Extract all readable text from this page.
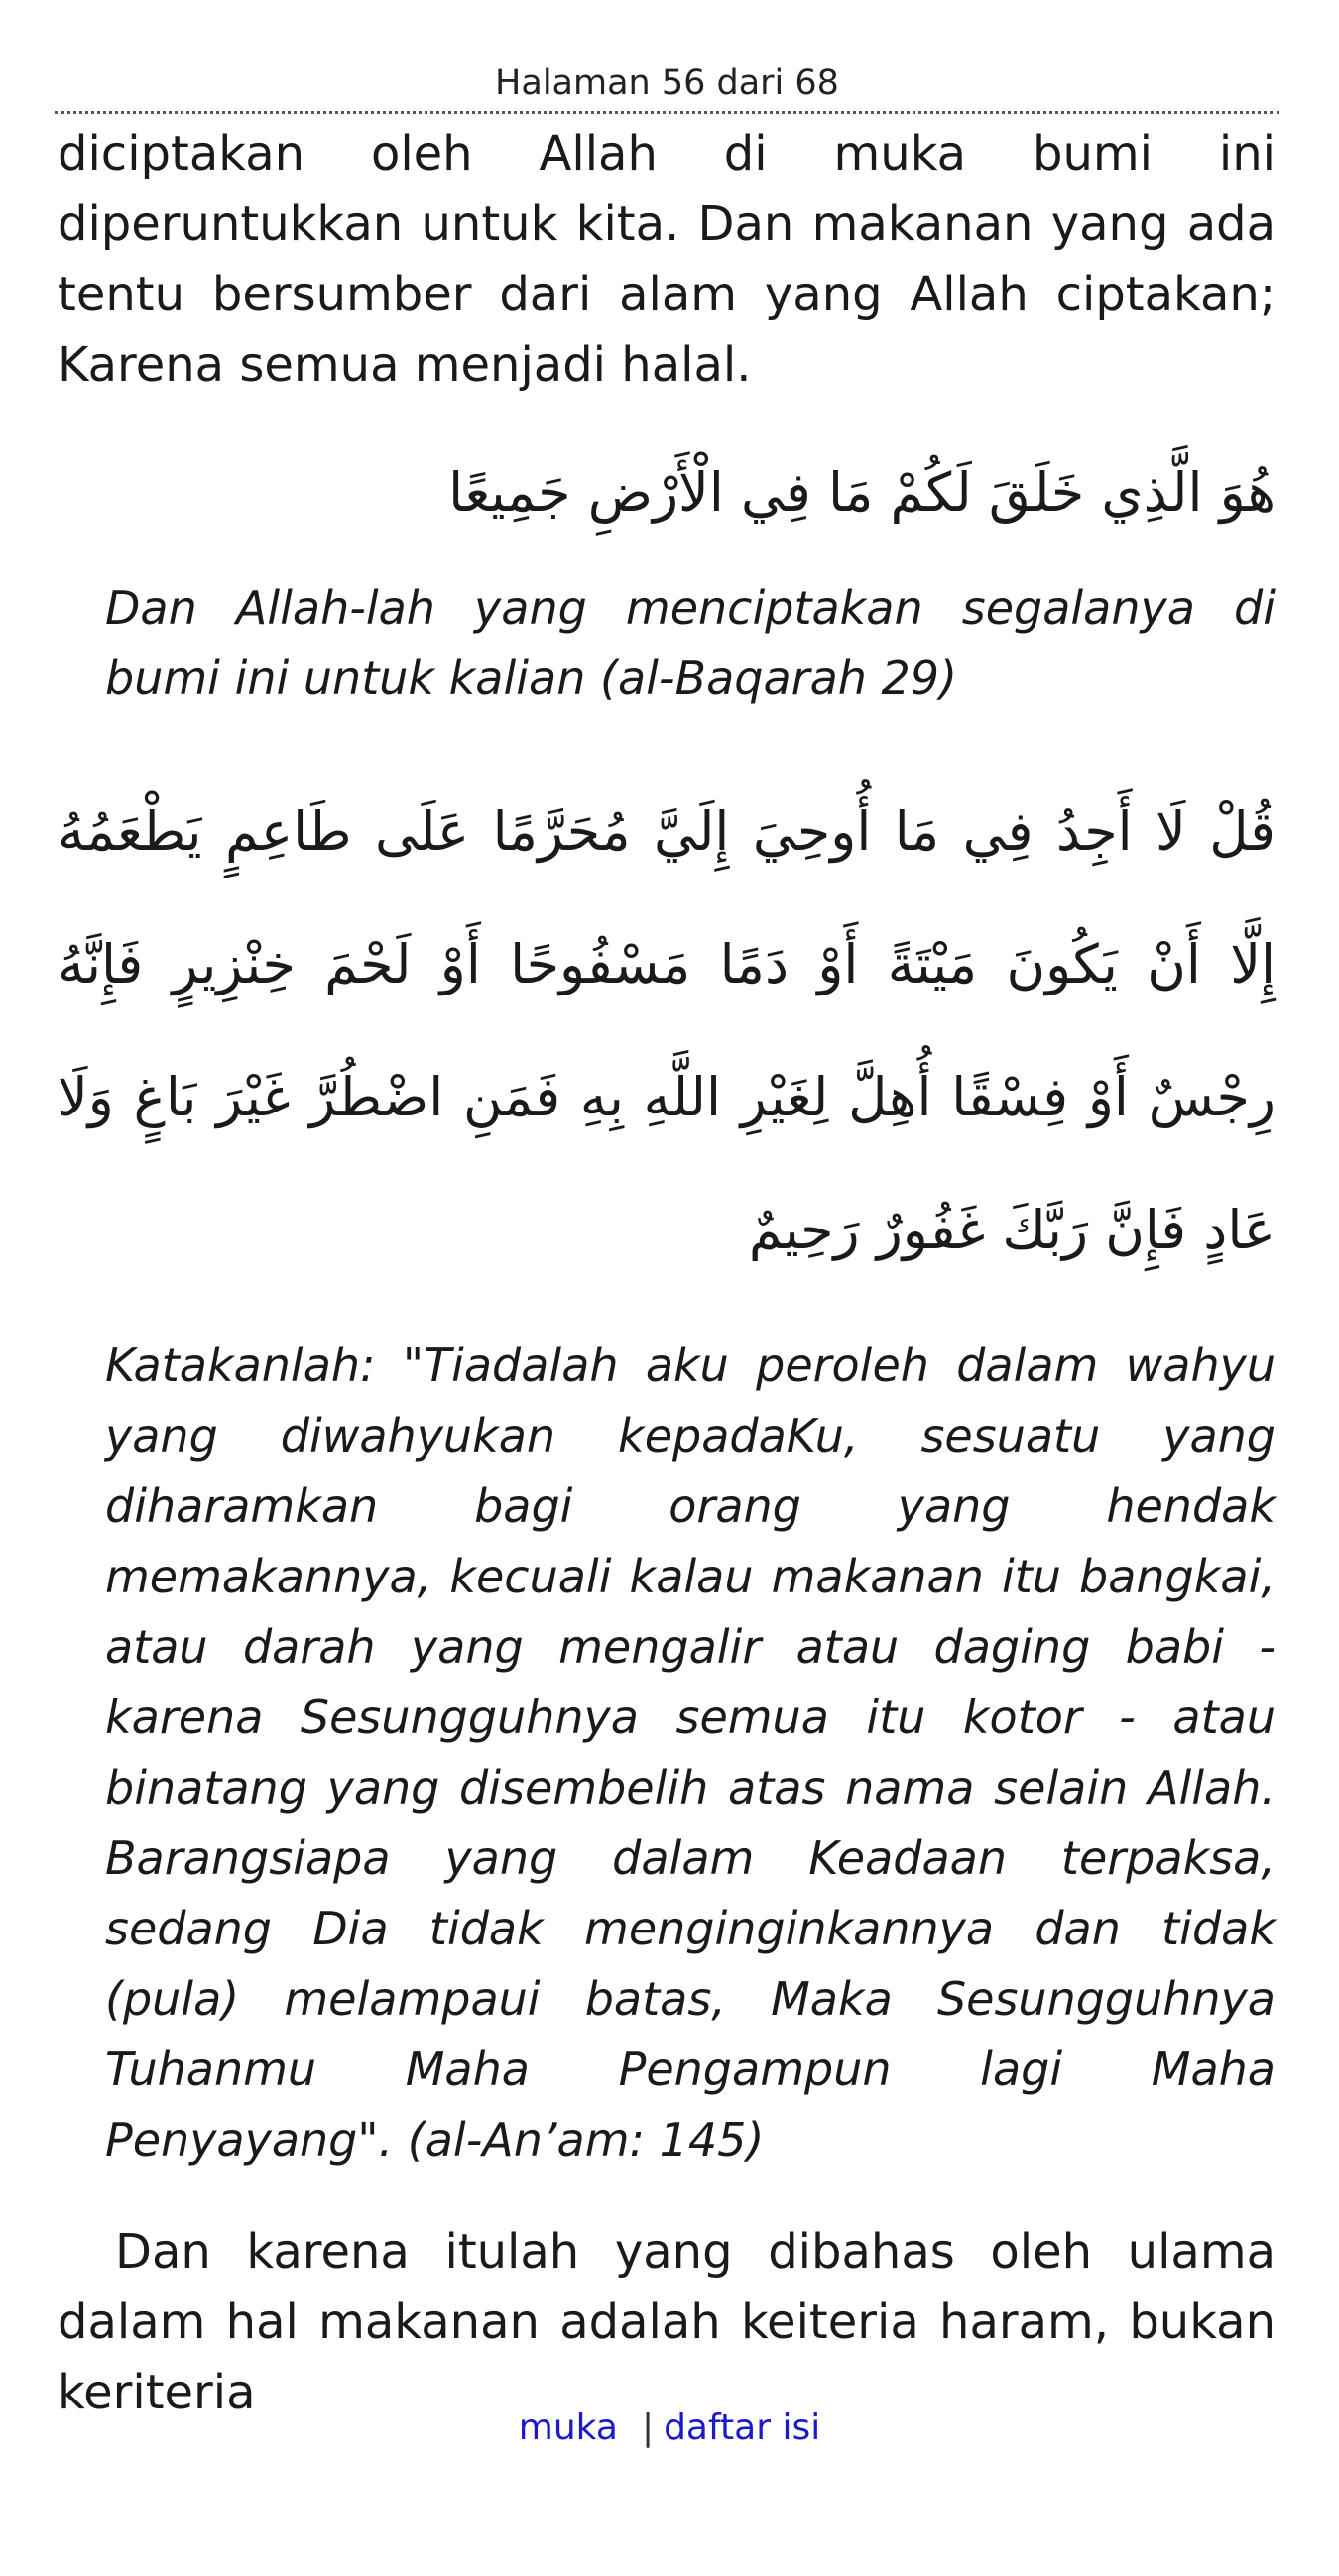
Halaman 56 dari 68

diciptakan oleh Allah di muka bumi ini diperuntukkan untuk kita. Dan makanan yang ada tentu bersumber dari alam yang Allah ciptakan; Karena semua menjadi halal.

هُوَ الَّذِي خَلَقَ لَكُمْ مَا فِي الْأَرْضِ جَمِيعًا

Dan Allah-lah yang menciptakan segalanya di bumi ini untuk kalian (al-Baqarah 29)

قُلْ لَا أَجِدُ فِي مَا أُوحِيَ إِلَيَّ مُحَرَّمًا عَلَى طَاعِمٍ يَطْعَمُهُ إِلَّا أَنْ يَكُونَ مَيْتَةً أَوْ دَمًا مَسْفُوحًا أَوْ لَحْمَ خِنْزِيرٍ فَإِنَّهُ رِجْسٌ أَوْ فِسْقًا أُهِلَّ لِغَيْرِ اللَّهِ بِهِ فَمَنِ اضْطُرَّ غَيْرَ بَاغٍ وَلَا عَادٍ فَإِنَّ رَبَّكَ غَفُورٌ رَحِيمٌ

Katakanlah: "Tiadalah aku peroleh dalam wahyu yang diwahyukan kepadaKu, sesuatu yang diharamkan bagi orang yang hendak memakannya, kecuali kalau makanan itu bangkai, atau darah yang mengalir atau daging babi - karena Sesungguhnya semua itu kotor - atau binatang yang disembelih atas nama selain Allah. Barangsiapa yang dalam Keadaan terpaksa, sedang Dia tidak menginginkannya dan tidak (pula) melampaui batas, Maka Sesungguhnya Tuhanmu Maha Pengampun lagi Maha Penyayang". (al-An’am: 145)

Dan karena itulah yang dibahas oleh ulama dalam hal makanan adalah keiteria haram, bukan keriteria

muka | daftar isi
